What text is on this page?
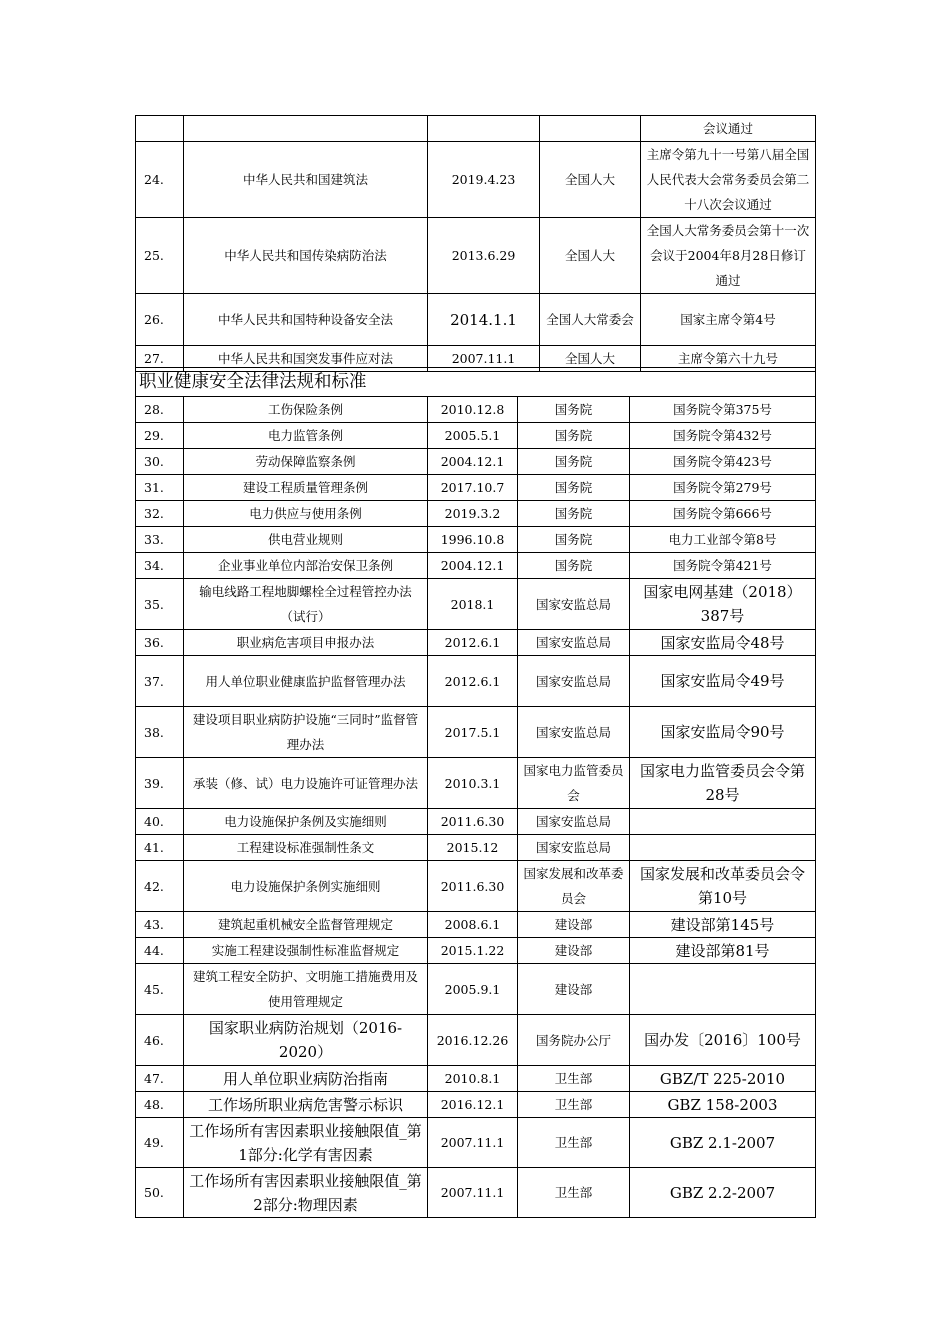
				会议通过
24.	中华人民共和国建筑法	2019.4.23	全国人大	主席令第九十一号第八届全国人民代表大会常务委员会第二十八次会议通过
25.	中华人民共和国传染病防治法	2013.6.29	全国人大	全国人大常务委员会第十一次会议于2004年8月28日修订通过
26.	中华人民共和国特种设备安全法	2014.1.1	全国人大常委会	国家主席令第4号
27.	中华人民共和国突发事件应对法	2007.11.1	全国人大	主席令第六十九号
职业健康安全法律法规和标准
28.	工伤保险条例	2010.12.8	国务院	国务院令第375号
29.	电力监管条例	2005.5.1	国务院	国务院令第432号
30.	劳动保障监察条例	2004.12.1	国务院	国务院令第423号
31.	建设工程质量管理条例	2017.10.7	国务院	国务院令第279号
32.	电力供应与使用条例	2019.3.2	国务院	国务院令第666号
33.	供电营业规则	1996.10.8	国务院	电力工业部令第8号
34.	企业事业单位内部治安保卫条例	2004.12.1	国务院	国务院令第421号
35.	输电线路工程地脚螺栓全过程管控办法（试行）	2018.1	国家安监总局	国家电网基建（2018）387号
36.	职业病危害项目申报办法	2012.6.1	国家安监总局	国家安监局令48号
37.	用人单位职业健康监护监督管理办法	2012.6.1	国家安监总局	国家安监局令49号
38.	建设项目职业病防护设施“三同时”监督管理办法	2017.5.1	国家安监总局	国家安监局令90号
39.	承装（修、试）电力设施许可证管理办法	2010.3.1	国家电力监管委员会	国家电力监管委员会令第28号
40.	电力设施保护条例及实施细则	2011.6.30	国家安监总局	
41.	工程建设标准强制性条文	2015.12	国家安监总局	
42.	电力设施保护条例实施细则	2011.6.30	国家发展和改革委员会	国家发展和改革委员会令第10号
43.	建筑起重机械安全监督管理规定	2008.6.1	建设部	建设部第145号
44.	实施工程建设强制性标准监督规定	2015.1.22	建设部	建设部第81号
45.	建筑工程安全防护、文明施工措施费用及使用管理规定	2005.9.1	建设部	
46.	国家职业病防治规划（2016-2020）	2016.12.26	国务院办公厅	国办发〔2016〕100号
47.	用人单位职业病防治指南	2010.8.1	卫生部	GBZ/T 225-2010
48.	工作场所职业病危害警示标识	2016.12.1	卫生部	GBZ 158-2003
49.	工作场所有害因素职业接触限值_第1部分:化学有害因素	2007.11.1	卫生部	GBZ 2.1-2007
50.	工作场所有害因素职业接触限值_第2部分:物理因素	2007.11.1	卫生部	GBZ 2.2-2007
